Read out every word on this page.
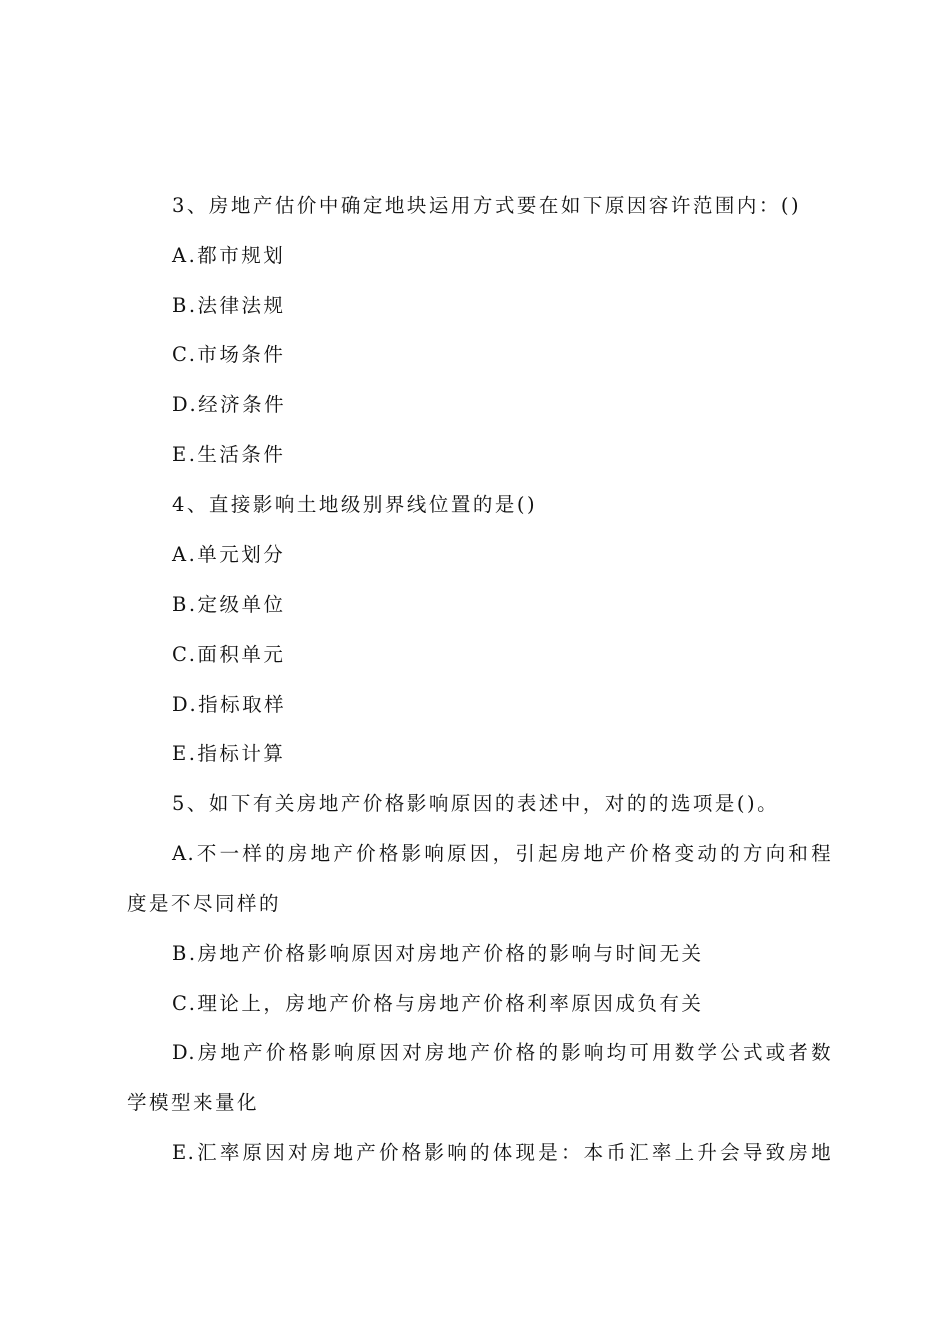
3、房地产估价中确定地块运用方式要在如下原因容许范围内：()
A.都市规划
B.法律法规
C.市场条件
D.经济条件
E.生活条件
4、直接影响土地级别界线位置的是()
A.单元划分
B.定级单位
C.面积单元
D.指标取样
E.指标计算
5、如下有关房地产价格影响原因的表述中，对的的选项是()。
A.不一样的房地产价格影响原因，引起房地产价格变动的方向和程
度是不尽同样的
B.房地产价格影响原因对房地产价格的影响与时间无关
C.理论上，房地产价格与房地产价格利率原因成负有关
D.房地产价格影响原因对房地产价格的影响均可用数学公式或者数
学模型来量化
E.汇率原因对房地产价格影响的体现是：本币汇率上升会导致房地
